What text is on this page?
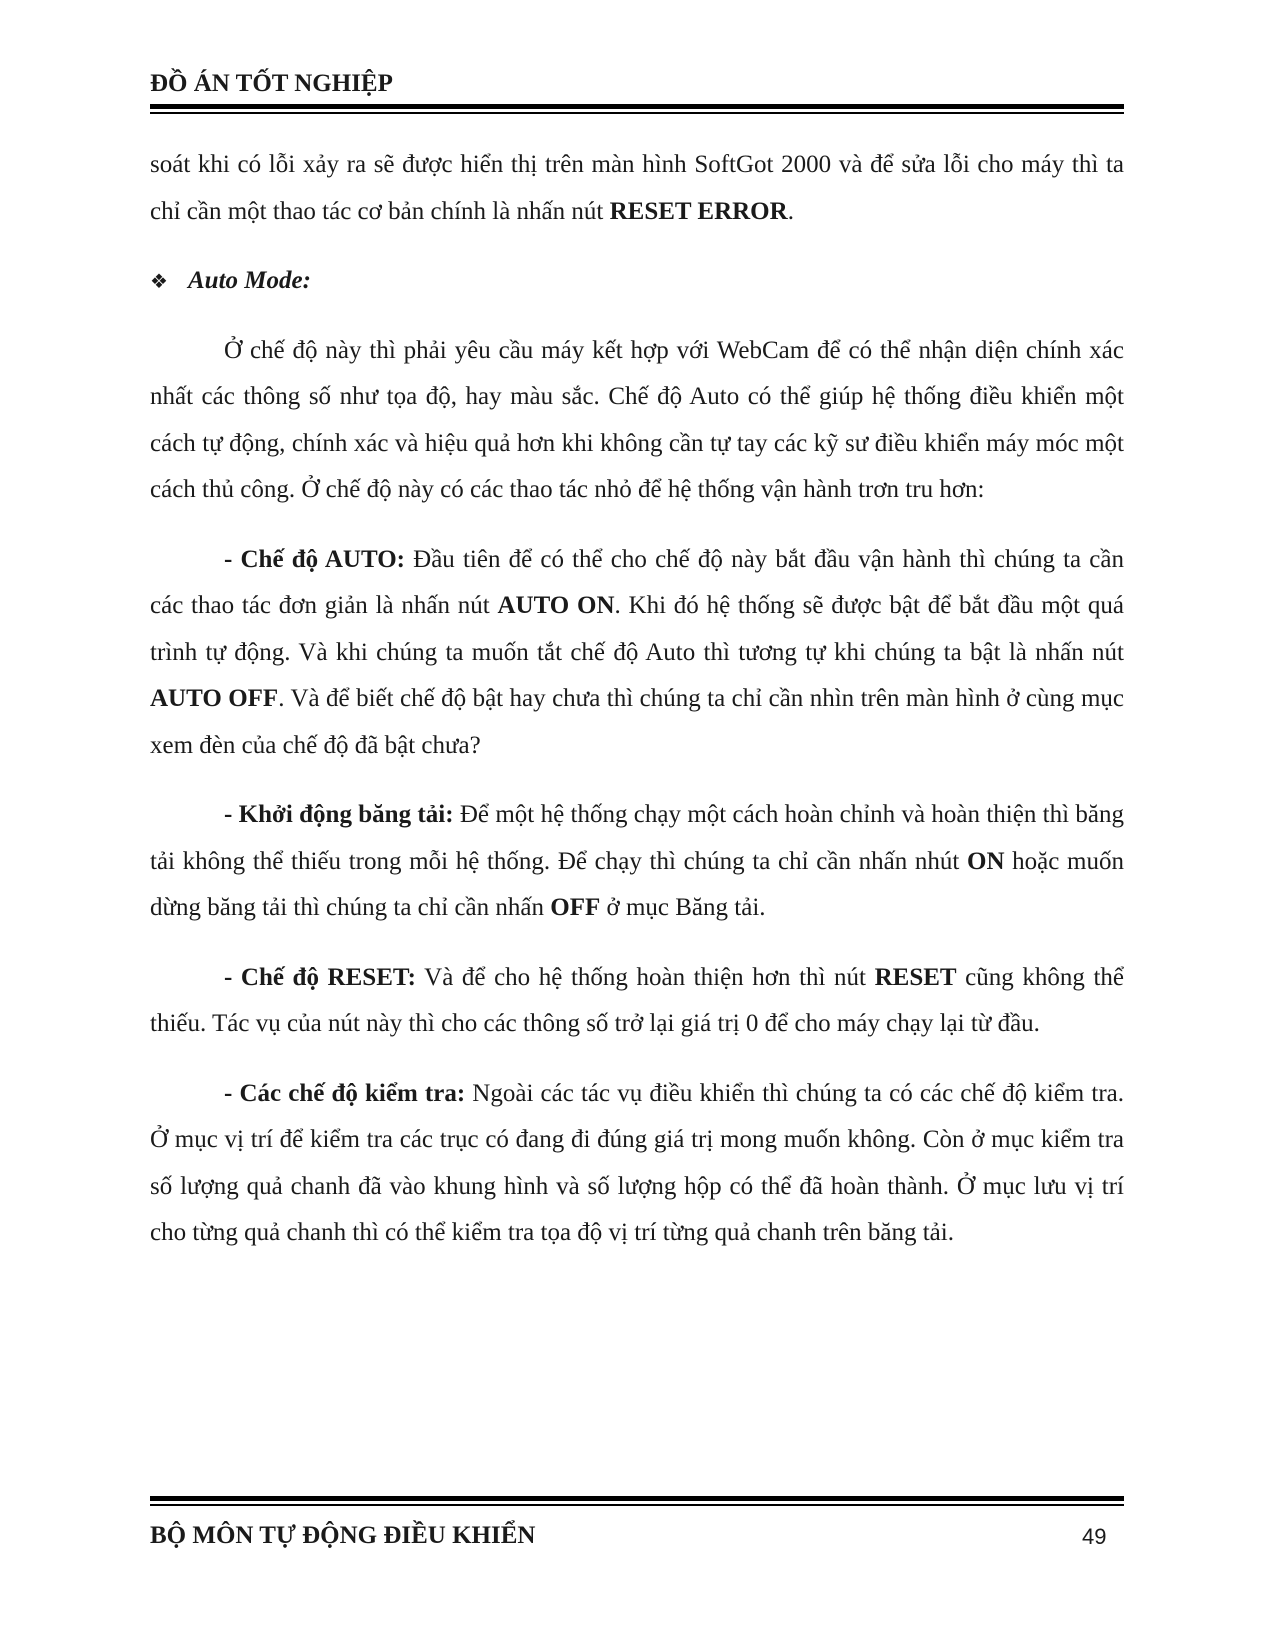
ĐỒ ÁN TỐT NGHIỆP

soát khi có lỗi xảy ra sẽ được hiển thị trên màn hình SoftGot 2000 và để sửa lỗi cho máy thì ta chỉ cần một thao tác cơ bản chính là nhấn nút RESET ERROR.

❖ Auto Mode:

Ở chế độ này thì phải yêu cầu máy kết hợp với WebCam để có thể nhận diện chính xác nhất các thông số như tọa độ, hay màu sắc. Chế độ Auto có thể giúp hệ thống điều khiển một cách tự động, chính xác và hiệu quả hơn khi không cần tự tay các kỹ sư điều khiển máy móc một cách thủ công. Ở chế độ này có các thao tác nhỏ để hệ thống vận hành trơn tru hơn:

- Chế độ AUTO: Đầu tiên để có thể cho chế độ này bắt đầu vận hành thì chúng ta cần các thao tác đơn giản là nhấn nút AUTO ON. Khi đó hệ thống sẽ được bật để bắt đầu một quá trình tự động. Và khi chúng ta muốn tắt chế độ Auto thì tương tự khi chúng ta bật là nhấn nút AUTO OFF. Và để biết chế độ bật hay chưa thì chúng ta chỉ cần nhìn trên màn hình ở cùng mục xem đèn của chế độ đã bật chưa?

- Khởi động băng tải: Để một hệ thống chạy một cách hoàn chỉnh và hoàn thiện thì băng tải không thể thiếu trong mỗi hệ thống. Để chạy thì chúng ta chỉ cần nhấn nhút ON hoặc muốn dừng băng tải thì chúng ta chỉ cần nhấn OFF ở mục Băng tải.

- Chế độ RESET: Và để cho hệ thống hoàn thiện hơn thì nút RESET cũng không thể thiếu. Tác vụ của nút này thì cho các thông số trở lại giá trị 0 để cho máy chạy lại từ đầu.

- Các chế độ kiểm tra: Ngoài các tác vụ điều khiển thì chúng ta có các chế độ kiểm tra. Ở mục vị trí để kiểm tra các trục có đang đi đúng giá trị mong muốn không. Còn ở mục kiểm tra số lượng quả chanh đã vào khung hình và số lượng hộp có thể đã hoàn thành. Ở mục lưu vị trí cho từng quả chanh thì có thể kiểm tra tọa độ vị trí từng quả chanh trên băng tải.

BỘ MÔN TỰ ĐỘNG ĐIỀU KHIỂN	49
